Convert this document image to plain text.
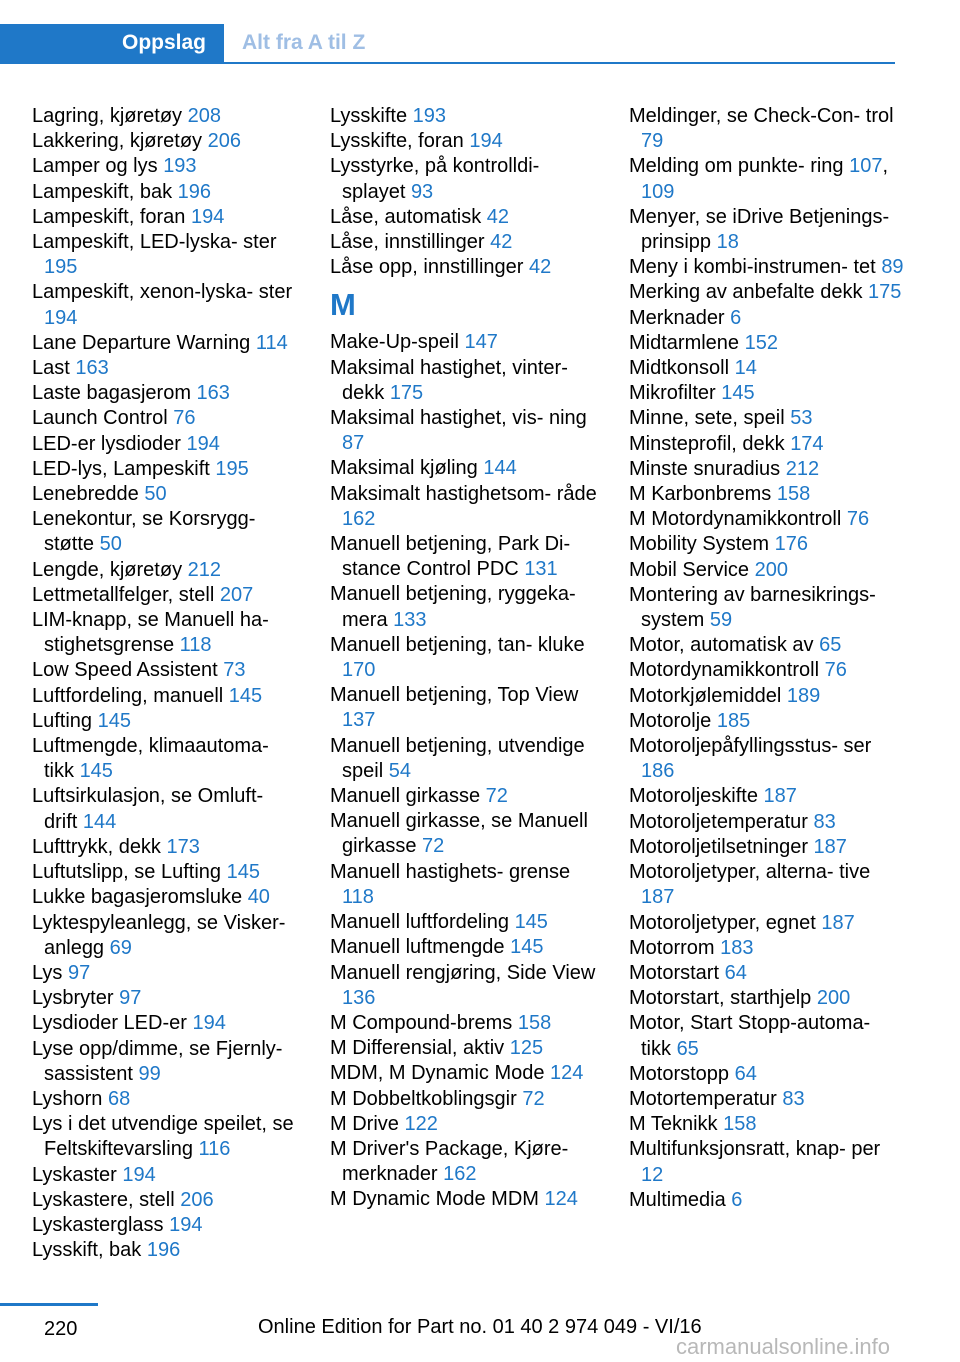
Oppslag Alt fra A til Z
Lagring, kjøretøy 208
Lakkering, kjøretøy 206
Lamper og lys 193
Lampeskift, bak 196
Lampeskift, foran 194
Lampeskift, LED-lyska‐ ster 195
Lampeskift, xenon-lyska‐ ster 194
Lane Departure Warning 114
Last 163
Laste bagasjerom 163
Launch Control 76
LED-er lysdioder 194
LED-lys, Lampeskift 195
Lenebredde 50
Lenekontur, se Korsrygg‐ støtte 50
Lengde, kjøretøy 212
Lettmetallfelger, stell 207
LIM-knapp, se Manuell ha‐ stighetsgrense 118
Low Speed Assistent 73
Luftfordeling, manuell 145
Lufting 145
Luftmengde, klimaautoma‐ tikk 145
Luftsirkulasjon, se Omluft‐ drift 144
Lufttrykk, dekk 173
Luftutslipp, se Lufting 145
Lukke bagasjeromsluke 40
Lyktespyleanlegg, se Visker‐ anlegg 69
Lys 97
Lysbryter 97
Lysdioder LED-er 194
Lyse opp/dimme, se Fjernly‐ sassistent 99
Lyshorn 68
Lys i det utvendige speilet, se Feltskiftevarsling 116
Lyskaster 194
Lyskastere, stell 206
Lyskasterglass 194
Lysskift, bak 196
Lysskifte 193
Lysskifte, foran 194
Lysstyrke, på kontrolldi‐ splayet 93
Låse, automatisk 42
Låse, innstillinger 42
Låse opp, innstillinger 42
M
Make-Up-speil 147
Maksimal hastighet, vinter‐ dekk 175
Maksimal hastighet, vis‐ ning 87
Maksimal kjøling 144
Maksimalt hastighetsom‐ råde 162
Manuell betjening, Park Di‐ stance Control PDC 131
Manuell betjening, ryggeka‐ mera 133
Manuell betjening, tan‐ kluke 170
Manuell betjening, Top View 137
Manuell betjening, utvendige speil 54
Manuell girkasse 72
Manuell girkasse, se Manuell girkasse 72
Manuell hastighets‐ grense 118
Manuell luftfordeling 145
Manuell luftmengde 145
Manuell rengjøring, Side View 136
M Compound-brems 158
M Differensial, aktiv 125
MDM, M Dynamic Mode 124
M Dobbeltkoblingsgir 72
M Drive 122
M Driver's Package, Kjøre‐ merknader 162
M Dynamic Mode MDM 124
Meldinger, se Check-Con‐ trol 79
Melding om punkte‐ ring 107, 109
Menyer, se iDrive Betjenings‐ prinsipp 18
Meny i kombi-instrumen‐ tet 89
Merking av anbefalte dekk 175
Merknader 6
Midtarmlene 152
Midtkonsoll 14
Mikrofilter 145
Minne, sete, speil 53
Minsteprofil, dekk 174
Minste snuradius 212
M Karbonbrems 158
M Motordynamikkontroll 76
Mobility System 176
Mobil Service 200
Montering av barnesikrings‐ system 59
Motor, automatisk av 65
Motordynamikkontroll 76
Motorkjølemiddel 189
Motorolje 185
Motoroljepåfyllingsstus‐ ser 186
Motoroljeskifte 187
Motoroljetemperatur 83
Motoroljetilsetninger 187
Motoroljetyper, alterna‐ tive 187
Motoroljetyper, egnet 187
Motorrom 183
Motorstart 64
Motorstart, starthjelp 200
Motor, Start Stopp-automa‐ tikk 65
Motorstopp 64
Motortemperatur 83
M Teknikk 158
Multifunksjonsratt, knap‐ per 12
Multimedia 6
220	Online Edition for Part no. 01 40 2 974 049 - VI/16
carmanualsonline.info
